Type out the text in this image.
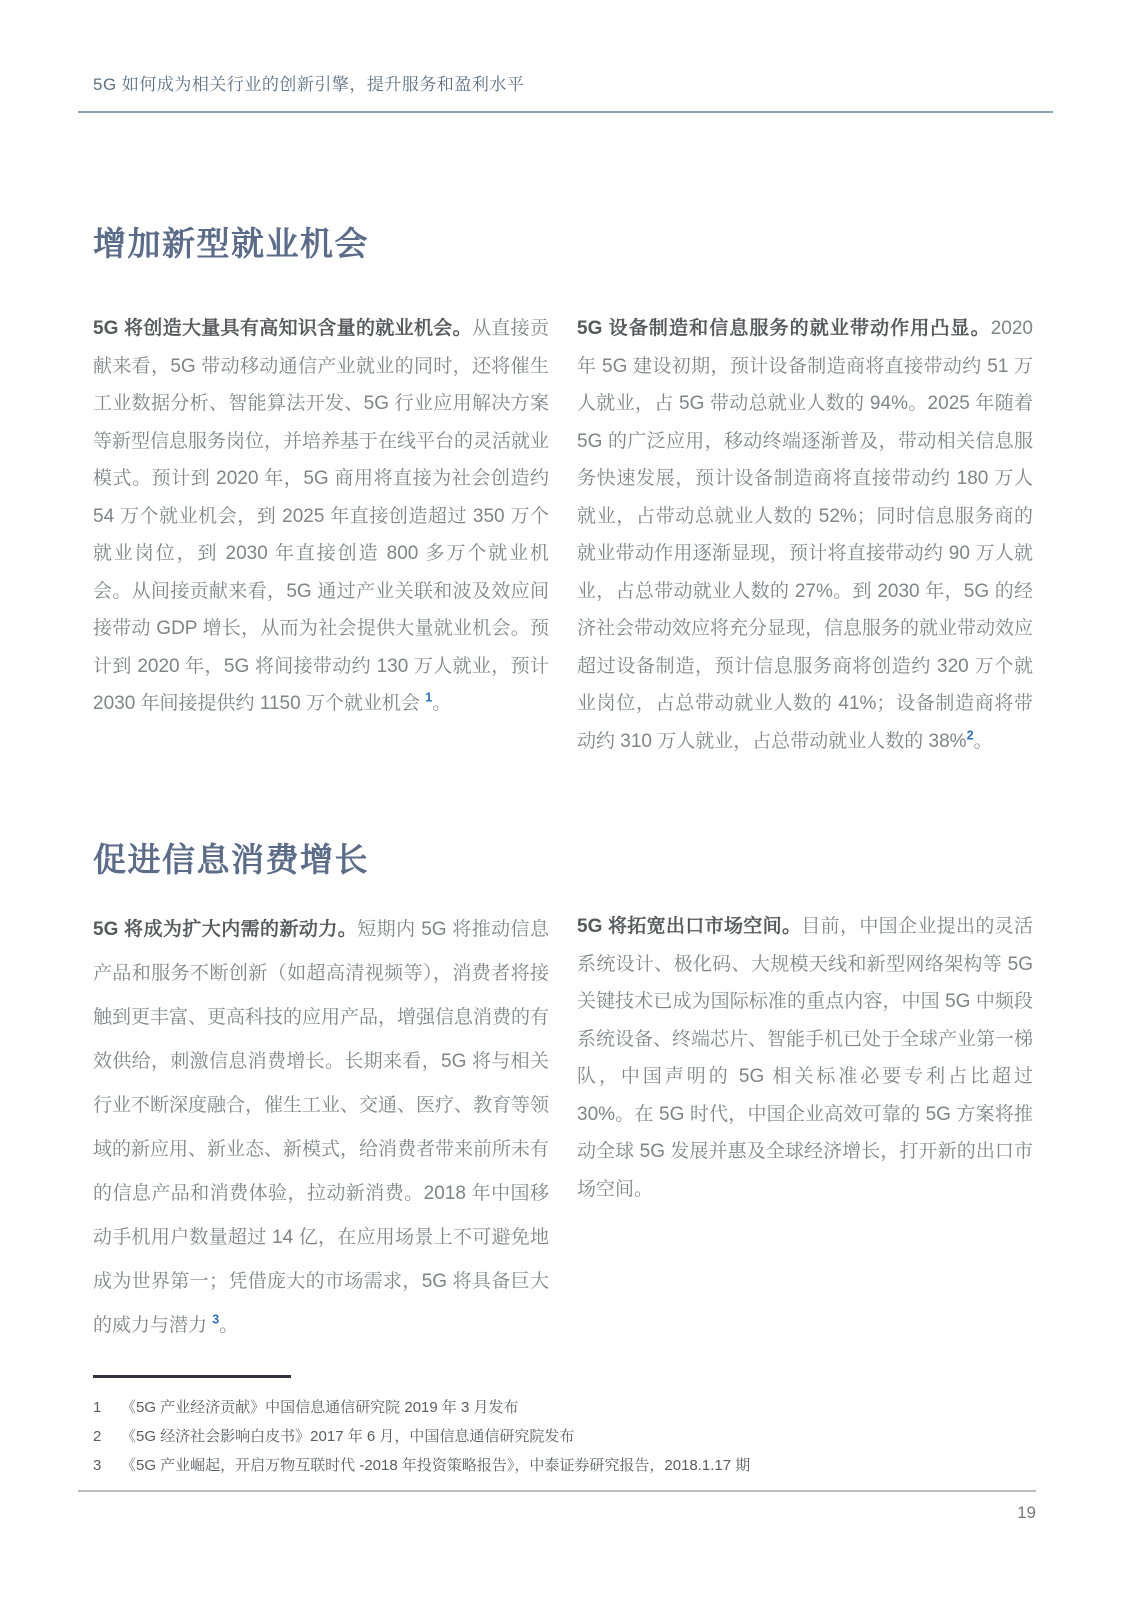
5G 如何成为相关行业的创新引擎，提升服务和盈利水平
增加新型就业机会

5G 将创造大量具有高知识含量的就业机会。从直接贡献来看，5G 带动移动通信产业就业的同时，还将催生工业数据分析、智能算法开发、5G 行业应用解决方案等新型信息服务岗位，并培养基于在线平台的灵活就业模式。预计到 2020 年，5G 商用将直接为社会创造约 54 万个就业机会，到 2025 年直接创造超过 350 万个就业岗位，到 2030 年直接创造 800 多万个就业机会。从间接贡献来看，5G 通过产业关联和波及效应间接带动 GDP 增长，从而为社会提供大量就业机会。预计到 2020 年，5G 将间接带动约 130 万人就业，预计 2030 年间接提供约 1150 万个就业机会 $^1$。

5G 设备制造和信息服务的就业带动作用凸显。2020 年 5G 建设初期，预计设备制造商将直接带动约 51 万人就业，占 5G 带动总就业人数的 94%。2025 年随着 5G 的广泛应用，移动终端逐渐普及，带动相关信息服务快速发展，预计设备制造商将直接带动约 180 万人就业，占带动总就业人数的 52%；同时信息服务商的就业带动作用逐渐显现，预计将直接带动约 90 万人就业，占总带动就业人数的 27%。到 2030 年，5G 的经济社会带动效应将充分显现，信息服务的就业带动效应超过设备制造，预计信息服务商将创造约 320 万个就业岗位，占总带动就业人数的 41%；设备制造商将带动约 310 万人就业，占总带动就业人数的 38%$^2$。

促进信息消费增长

5G 将成为扩大内需的新动力。短期内 5G 将推动信息产品和服务不断创新（如超高清视频等），消费者将接触到更丰富、更高科技的应用产品，增强信息消费的有效供给，刺激信息消费增长。长期来看，5G 将与相关行业不断深度融合，催生工业、交通、医疗、教育等领域的新应用、新业态、新模式，给消费者带来前所未有的信息产品和消费体验，拉动新消费。2018 年中国移动手机用户数量超过 14 亿，在应用场景上不可避免地成为世界第一；凭借庞大的市场需求，5G 将具备巨大的威力与潜力 $^3$。

5G 将拓宽出口市场空间。目前，中国企业提出的灵活系统设计、极化码、大规模天线和新型网络架构等 5G 关键技术已成为国际标准的重点内容，中国 5G 中频段系统设备、终端芯片、智能手机已处于全球产业第一梯队，中国声明的 5G 相关标准必要专利占比超过 30%。在 5G 时代，中国企业高效可靠的 5G 方案将推动全球 5G 发展并惠及全球经济增长，打开新的出口市场空间。

1	《5G 产业经济贡献》中国信息通信研究院 2019 年 3 月发布
2	《5G 经济社会影响白皮书》2017 年 6 月，中国信息通信研究院发布
3	《5G 产业崛起，开启万物互联时代 -2018 年投资策略报告》，中泰证券研究报告，2018.1.17 期
19
